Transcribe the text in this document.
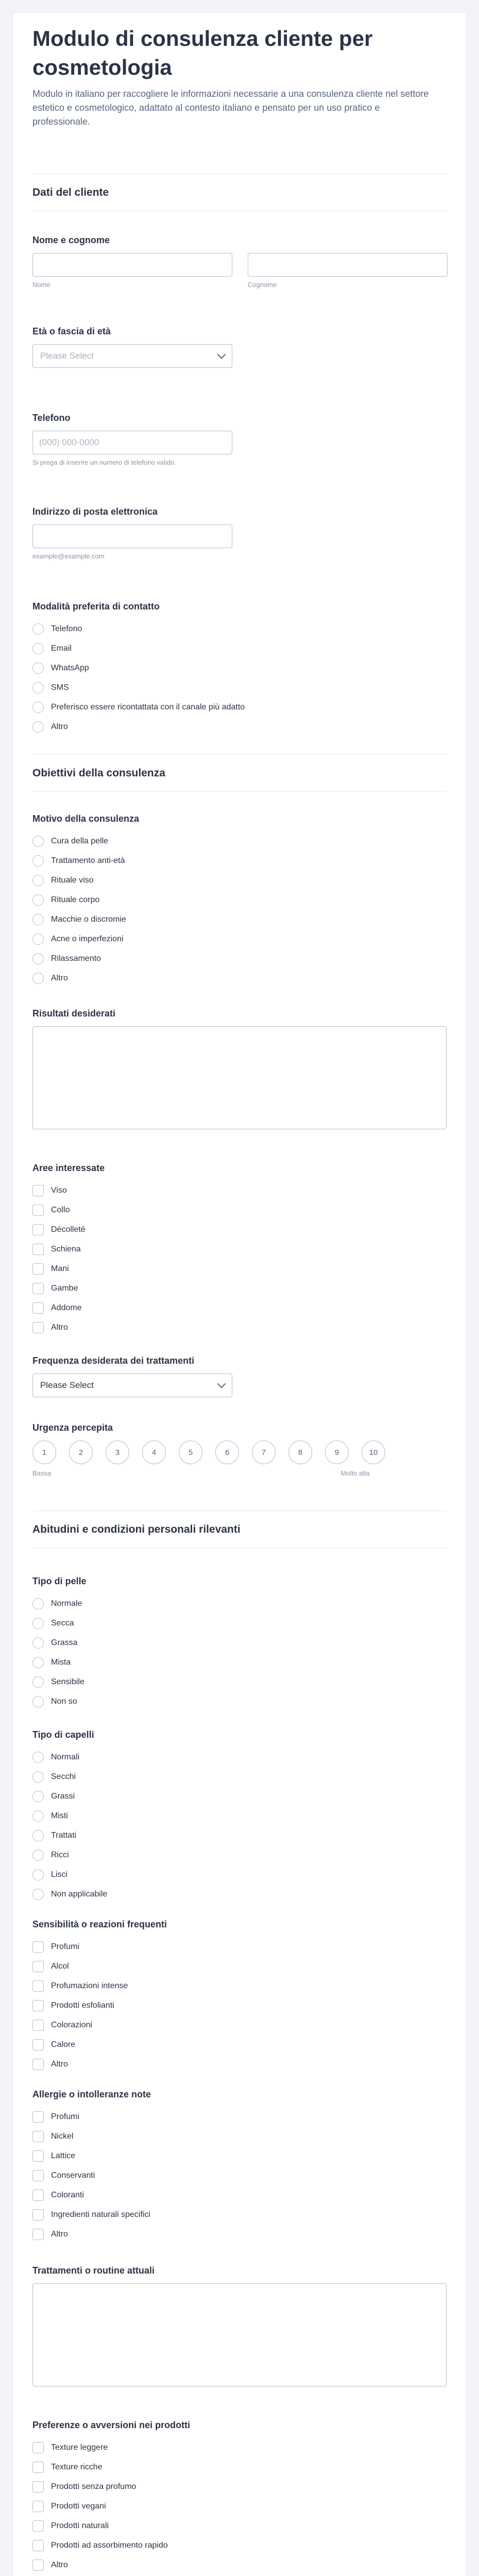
Modulo di consulenza cliente per cosmetologia
Modulo in italiano per raccogliere le informazioni necessarie a una consulenza cliente nel settore estetico e cosmetologico, adattato al contesto italiano e pensato per un uso pratico e professionale.
Dati del cliente
Nome e cognome
Nome	Cognome
Età o fascia di età
Please Select
Telefono
(000) 000-0000
Si prega di inserire un numero di telefono valido.
Indirizzo di posta elettronica
example@example.com
Modalità preferita di contatto
Telefono
Email
WhatsApp
SMS
Preferisco essere ricontattata con il canale più adatto
Altro
Obiettivi della consulenza
Motivo della consulenza
Cura della pelle
Trattamento anti-età
Rituale viso
Rituale corpo
Macchie o discromie
Acne o imperfezioni
Rilassamento
Altro
Risultati desiderati
Aree interessate
Viso
Collo
Décolleté
Schiena
Mani
Gambe
Addome
Altro
Frequenza desiderata dei trattamenti
Please Select
Urgenza percepita
1	2	3	4	5	6	7	8	9	10
Bassa	Molto alta
Abitudini e condizioni personali rilevanti
Tipo di pelle
Normale
Secca
Grassa
Mista
Sensibile
Non so
Tipo di capelli
Normali
Secchi
Grassi
Misti
Trattati
Ricci
Lisci
Non applicabile
Sensibilità o reazioni frequenti
Profumi
Alcol
Profumazioni intense
Prodotti esfolianti
Colorazioni
Calore
Altro
Allergie o intolleranze note
Profumi
Nickel
Lattice
Conservanti
Coloranti
Ingredienti naturali specifici
Altro
Trattamenti o routine attuali
Preferenze o avversioni nei prodotti
Texture leggere
Texture ricche
Prodotti senza profumo
Prodotti vegani
Prodotti naturali
Prodotti ad assorbimento rapido
Altro
